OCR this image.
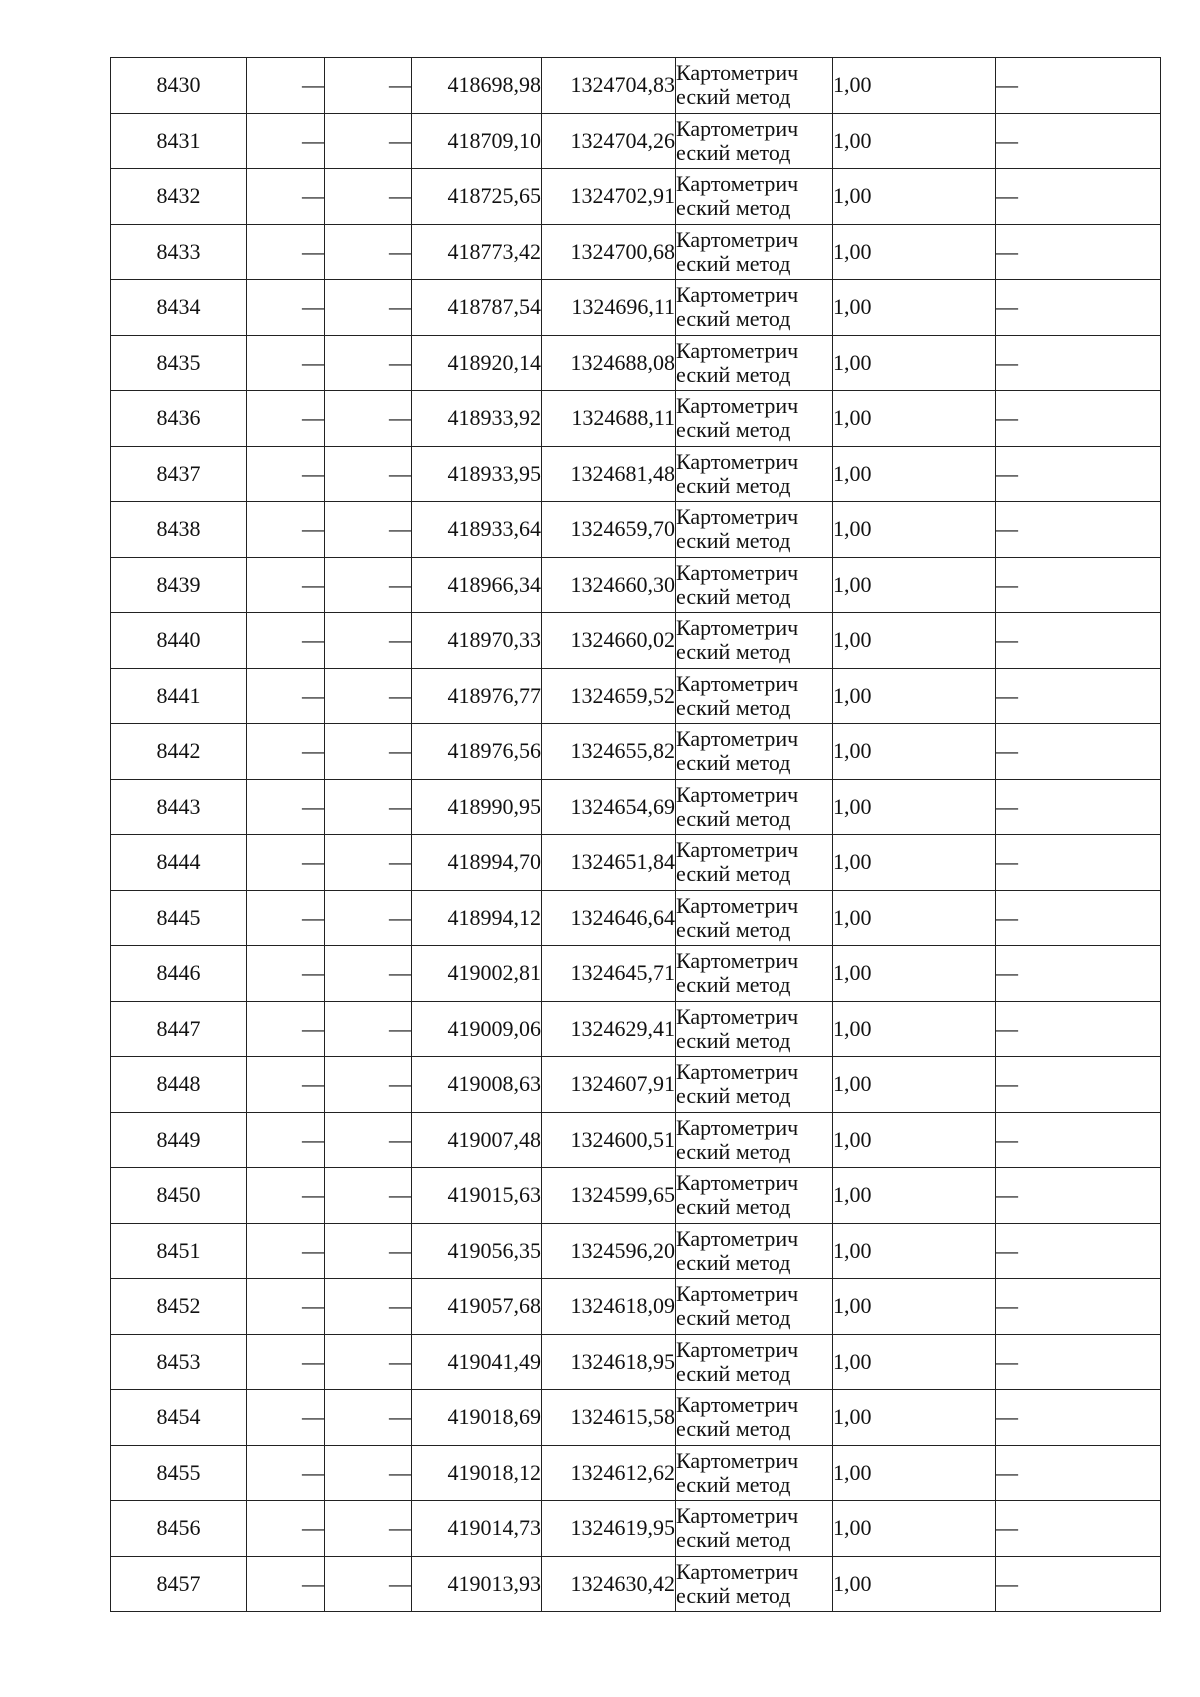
8430	—	—	418698,98	1324704,83	Картометрич
еский метод	1,00	—
8431	—	—	418709,10	1324704,26	Картометрич
еский метод	1,00	—
8432	—	—	418725,65	1324702,91	Картометрич
еский метод	1,00	—
8433	—	—	418773,42	1324700,68	Картометрич
еский метод	1,00	—
8434	—	—	418787,54	1324696,11	Картометрич
еский метод	1,00	—
8435	—	—	418920,14	1324688,08	Картометрич
еский метод	1,00	—
8436	—	—	418933,92	1324688,11	Картометрич
еский метод	1,00	—
8437	—	—	418933,95	1324681,48	Картометрич
еский метод	1,00	—
8438	—	—	418933,64	1324659,70	Картометрич
еский метод	1,00	—
8439	—	—	418966,34	1324660,30	Картометрич
еский метод	1,00	—
8440	—	—	418970,33	1324660,02	Картометрич
еский метод	1,00	—
8441	—	—	418976,77	1324659,52	Картометрич
еский метод	1,00	—
8442	—	—	418976,56	1324655,82	Картометрич
еский метод	1,00	—
8443	—	—	418990,95	1324654,69	Картометрич
еский метод	1,00	—
8444	—	—	418994,70	1324651,84	Картометрич
еский метод	1,00	—
8445	—	—	418994,12	1324646,64	Картометрич
еский метод	1,00	—
8446	—	—	419002,81	1324645,71	Картометрич
еский метод	1,00	—
8447	—	—	419009,06	1324629,41	Картометрич
еский метод	1,00	—
8448	—	—	419008,63	1324607,91	Картометрич
еский метод	1,00	—
8449	—	—	419007,48	1324600,51	Картометрич
еский метод	1,00	—
8450	—	—	419015,63	1324599,65	Картометрич
еский метод	1,00	—
8451	—	—	419056,35	1324596,20	Картометрич
еский метод	1,00	—
8452	—	—	419057,68	1324618,09	Картометрич
еский метод	1,00	—
8453	—	—	419041,49	1324618,95	Картометрич
еский метод	1,00	—
8454	—	—	419018,69	1324615,58	Картометрич
еский метод	1,00	—
8455	—	—	419018,12	1324612,62	Картометрич
еский метод	1,00	—
8456	—	—	419014,73	1324619,95	Картометрич
еский метод	1,00	—
8457	—	—	419013,93	1324630,42	Картометрич
еский метод	1,00	—
